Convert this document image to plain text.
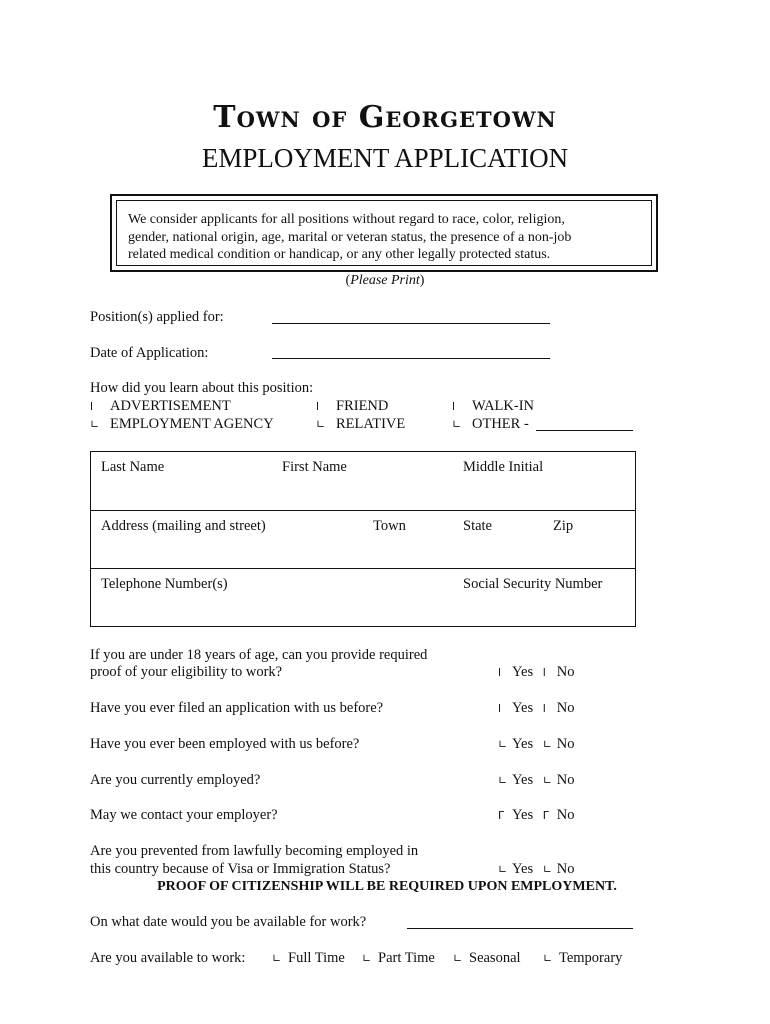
Town of Georgetown
EMPLOYMENT APPLICATION
We consider applicants for all positions without regard to race, color, religion,
gender, national origin, age, marital or veteran status, the presence of a non-job
related medical condition or handicap, or any other legally protected status.
(Please Print)
Position(s) applied for:
Date of Application:
How did you learn about this position:
l ADVERTISEMENT	l FRIEND	l WALK-IN
∟ EMPLOYMENT AGENCY	∟ RELATIVE	∟ OTHER -
Last Name	First Name	Middle Initial
Address (mailing and street)	Town	State	Zip
Telephone Number(s)	Social Security Number
If you are under 18 years of age, can you provide required
proof of your eligibility to work?	l Yes l No
Have you ever filed an application with us before?	l Yes l No
Have you ever been employed with us before?	∟ Yes ∟ No
Are you currently employed?	∟ Yes ∟ No
May we contact your employer?	Γ Yes Γ No
Are you prevented from lawfully becoming employed in
this country because of Visa or Immigration Status?	∟ Yes ∟ No
PROOF OF CITIZENSHIP WILL BE REQUIRED UPON EMPLOYMENT.
On what date would you be available for work?
Are you available to work: ∟ Full Time ∟ Part Time ∟ Seasonal ∟ Temporary
